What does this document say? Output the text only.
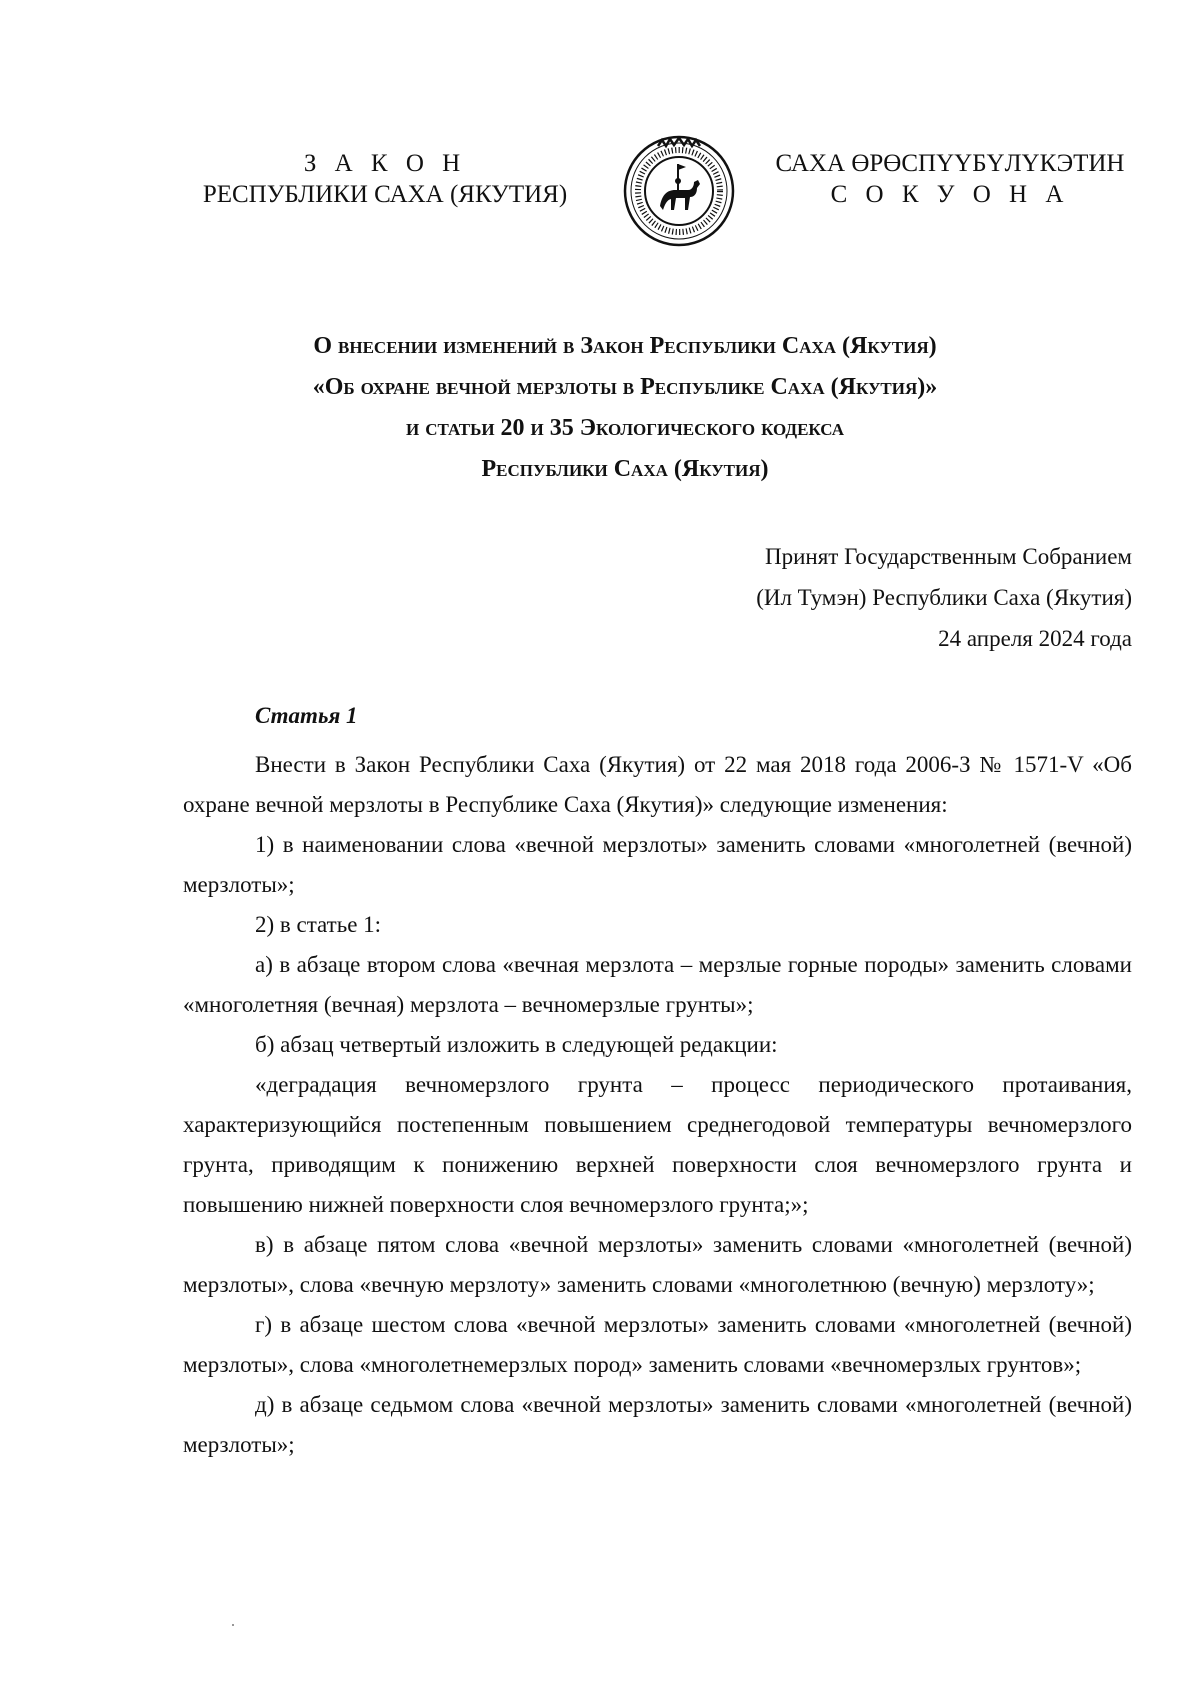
З А К О Н
РЕСПУБЛИКИ САХА (ЯКУТИЯ)
САХА ӨРӨСПҮҮБҮЛҮКЭТИН
С О К У О Н А
О внесении изменений в Закон Республики Саха (Якутия)
«Об охране вечной мерзлоты в Республике Саха (Якутия)»
и статьи 20 и 35 Экологического кодекса
Республики Саха (Якутия)
Принят Государственным Собранием
(Ил Тумэн) Республики Саха (Якутия)
24 апреля 2024 года
Статья 1

Внести в Закон Республики Саха (Якутия) от 22 мая 2018 года 2006-З № 1571-V «Об охране вечной мерзлоты в Республике Саха (Якутия)» следующие изменения:

1) в наименовании слова «вечной мерзлоты» заменить словами «многолетней (вечной) мерзлоты»;

2) в статье 1:

а) в абзаце втором слова «вечная мерзлота – мерзлые горные породы» заменить словами «многолетняя (вечная) мерзлота – вечномерзлые грунты»;

б) абзац четвертый изложить в следующей редакции:

«деградация вечномерзлого грунта – процесс периодического протаивания, характеризующийся постепенным повышением среднегодовой температуры вечномерзлого грунта, приводящим к понижению верхней поверхности слоя вечномерзлого грунта и повышению нижней поверхности слоя вечномерзлого грунта;»;

в) в абзаце пятом слова «вечной мерзлоты» заменить словами «многолетней (вечной) мерзлоты», слова «вечную мерзлоту» заменить словами «многолетнюю (вечную) мерзлоту»;

г) в абзаце шестом слова «вечной мерзлоты» заменить словами «многолетней (вечной) мерзлоты», слова «многолетнемерзлых пород» заменить словами «вечномерзлых грунтов»;

д) в абзаце седьмом слова «вечной мерзлоты» заменить словами «многолетней (вечной) мерзлоты»;
